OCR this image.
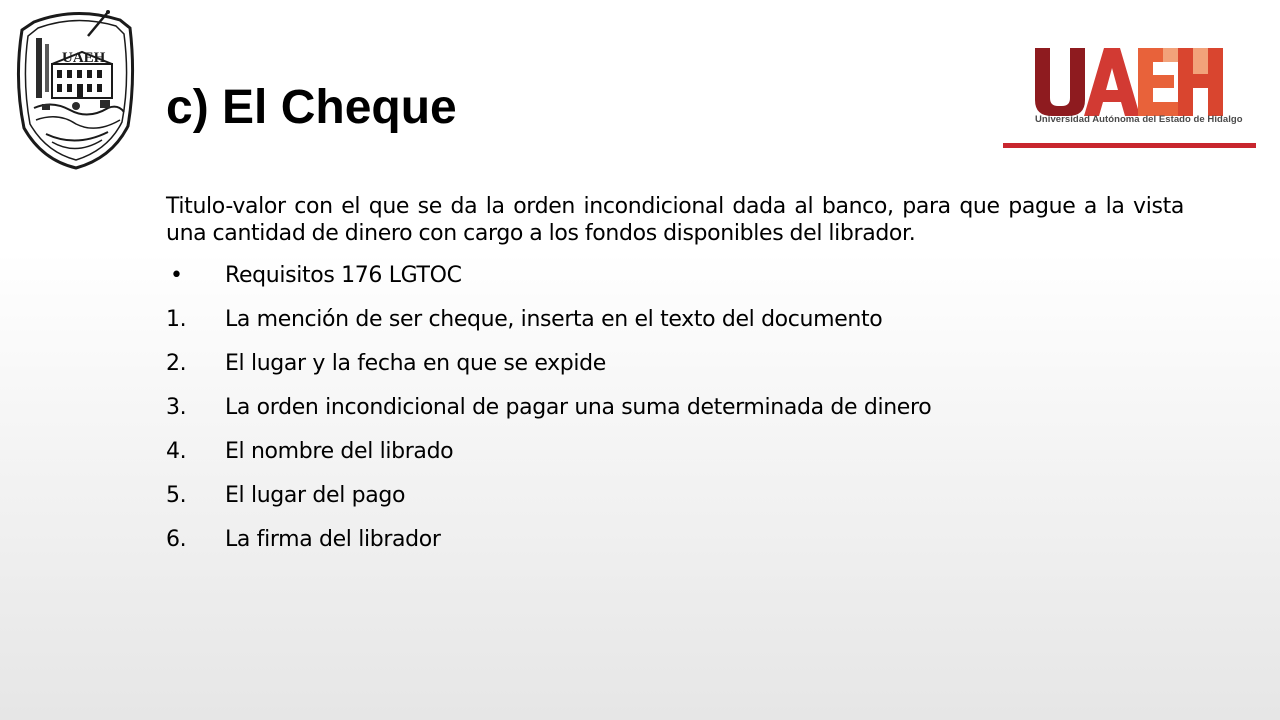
UAEH
Universidad Autónoma del Estado de Hidalgo
c) El Cheque

Titulo-valor con el que se da la orden incondicional dada al banco, para que pague a la vista una cantidad de dinero con cargo a los fondos disponibles del librador.

• Requisitos 176 LGTOC
1. La mención de ser cheque, inserta en el texto del documento
2. El lugar y la fecha en que se expide
3. La orden incondicional de pagar una suma determinada de dinero
4. El nombre del librado
5. El lugar del pago
6. La firma del librador
